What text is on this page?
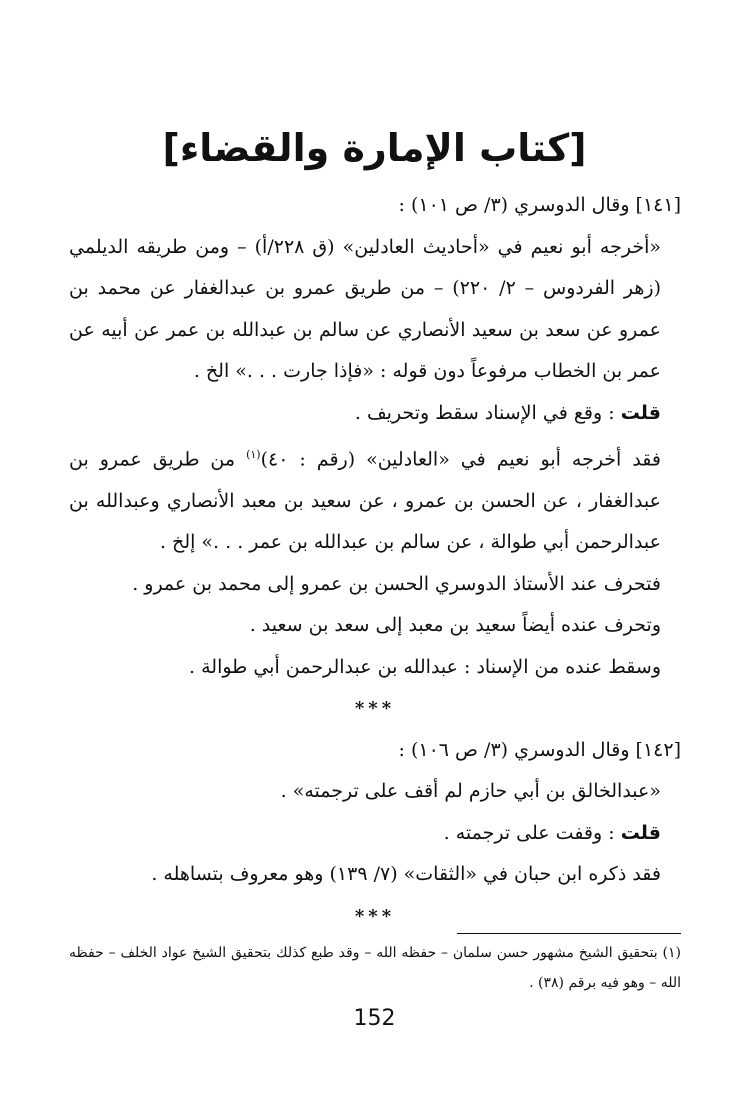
[كتاب الإمارة والقضاء]

[١٤١] وقال الدوسري (٣/ ص ١٠١) :

«أخرجه أبو نعيم في «أحاديث العادلين» (ق ٢٢٨/أ) – ومن طريقه الديلمي (زهر الفردوس – ٢/ ٢٢٠) – من طريق عمرو بن عبدالغفار عن محمد بن عمرو عن سعد بن سعيد الأنصاري عن سالم بن عبدالله بن عمر عن أبيه عن عمر بن الخطاب مرفوعاً دون قوله : «فإذا جارت . . .» الخ .

قلت : وقع في الإسناد سقط وتحريف .

فقد أخرجه أبو نعيم في «العادلين» (رقم : ٤٠)$^{(١)}$ من طريق عمرو بن عبدالغفار ، عن الحسن بن عمرو ، عن سعيد بن معبد الأنصاري وعبدالله بن عبدالرحمن أبي طوالة ، عن سالم بن عبدالله بن عمر . . .» إلخ .

فتحرف عند الأستاذ الدوسري الحسن بن عمرو إلى محمد بن عمرو .

وتحرف عنده أيضاً سعيد بن معبد إلى سعد بن سعيد .

وسقط عنده من الإسناد : عبدالله بن عبدالرحمن أبي طوالة .

***

[١٤٢] وقال الدوسري (٣/ ص ١٠٦) :

«عبدالخالق بن أبي حازم لم أقف على ترجمته» .

قلت : وقفت على ترجمته .

فقد ذكره ابن حبان في «الثقات» (٧/ ١٣٩) وهو معروف بتساهله .

***
(١) بتحقيق الشيخ مشهور حسن سلمان – حفظه الله – وقد طبع كذلك بتحقيق الشيخ عواد الخلف – حفظه الله – وهو فيه برقم (٣٨) .
152
